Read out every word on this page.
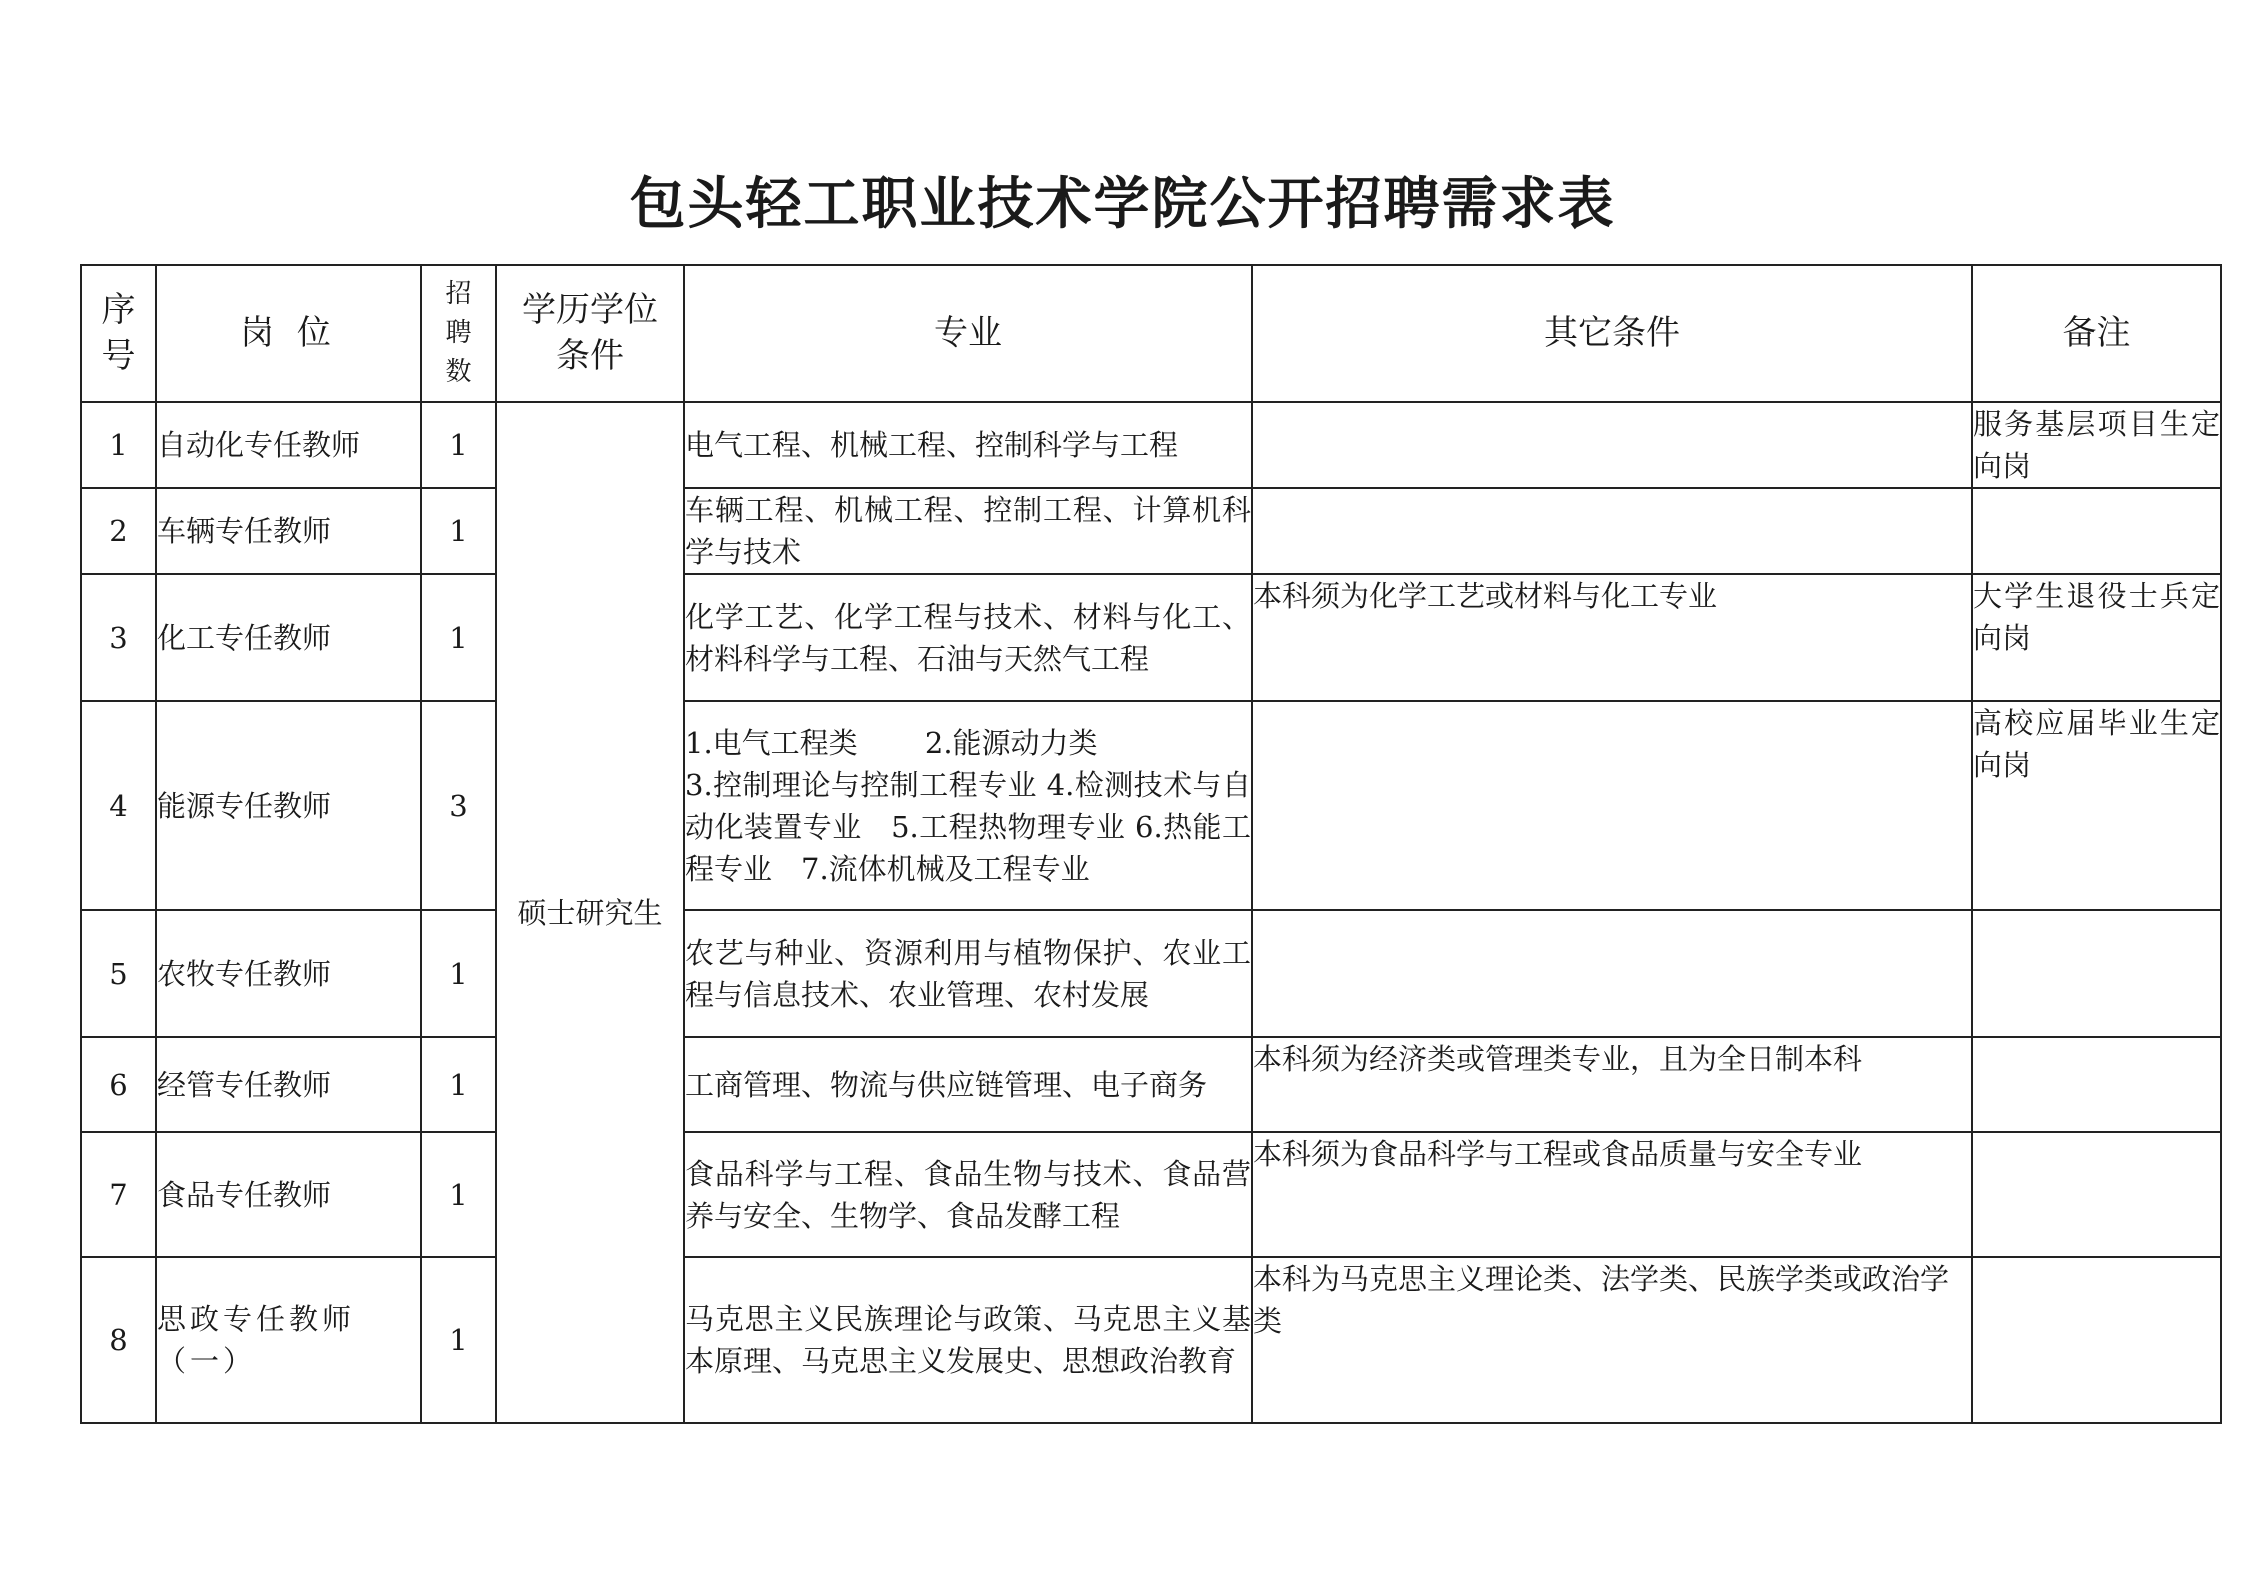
包头轻工职业技术学院公开招聘需求表
序号	岗 位	招聘数	学历学位条件	专业	其它条件	备注
1	自动化专任教师	1	硕士研究生	电气工程、机械工程、控制科学与工程		服务基层项目生定向岗
2	车辆专任教师	1		车辆工程、机械工程、控制工程、计算机科学与技术		
3	化工专任教师	1		化学工艺、化学工程与技术、材料与化工、材料科学与工程、石油与天然气工程	本科须为化学工艺或材料与化工专业	大学生退役士兵定向岗
4	能源专任教师	3		1.电气工程类　　 2.能源动力类
3.控制理论与控制工程专业 4.检测技术与自动化装置专业　5.工程热物理专业 6.热能工程专业　7.流体机械及工程专业		高校应届毕业生定向岗
5	农牧专任教师	1		农艺与种业、资源利用与植物保护、农业工程与信息技术、农业管理、农村发展		
6	经管专任教师	1		工商管理、物流与供应链管理、电子商务	本科须为经济类或管理类专业，且为全日制本科	
7	食品专任教师	1		食品科学与工程、食品生物与技术、食品营养与安全、生物学、食品发酵工程	本科须为食品科学与工程或食品质量与安全专业	
8	思政专任教师（一）	1		马克思主义民族理论与政策、马克思主义基本原理、马克思主义发展史、思想政治教育	本科为马克思主义理论类、法学类、民族学类或政治学类	
